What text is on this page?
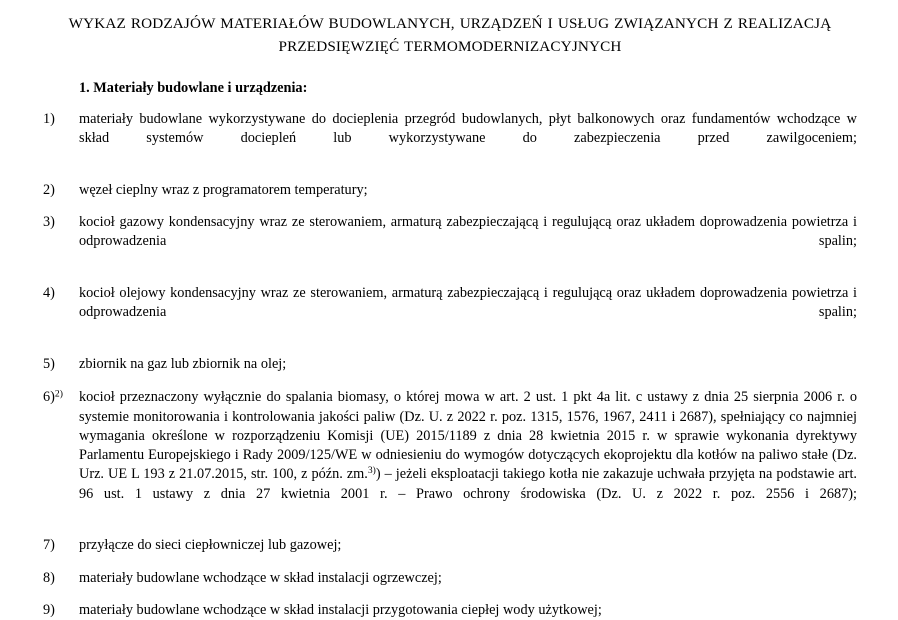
WYKAZ RODZAJÓW MATERIAŁÓW BUDOWLANYCH, URZĄDZEŃ I USŁUG ZWIĄZANYCH Z REALIZACJĄ
PRZEDSIĘWZIĘĆ TERMOMODERNIZACYJNYCH
1. Materiały budowlane i urządzenia:
1)	materiały budowlane wykorzystywane do docieplenia przegród budowlanych, płyt balkonowych oraz fundamentów wchodzące w skład systemów dociepleń lub wykorzystywane do zabezpieczenia przed zawilgoceniem;
2)	węzeł cieplny wraz z programatorem temperatury;
3)	kocioł gazowy kondensacyjny wraz ze sterowaniem, armaturą zabezpieczającą i regulującą oraz układem doprowadzenia powietrza i odprowadzenia spalin;
4)	kocioł olejowy kondensacyjny wraz ze sterowaniem, armaturą zabezpieczającą i regulującą oraz układem doprowadzenia powietrza i odprowadzenia spalin;
5)	zbiornik na gaz lub zbiornik na olej;
6)$^{2)}$	kocioł przeznaczony wyłącznie do spalania biomasy, o której mowa w art. 2 ust. 1 pkt 4a lit. c ustawy z dnia 25 sierpnia 2006 r. o systemie monitorowania i kontrolowania jakości paliw (Dz. U. z 2022 r. poz. 1315, 1576, 1967, 2411 i 2687), spełniający co najmniej wymagania określone w rozporządzeniu Komisji (UE) 2015/1189 z dnia 28 kwietnia 2015 r. w sprawie wykonania dyrektywy Parlamentu Europejskiego i Rady 2009/125/WE w odniesieniu do wymogów dotyczących ekoprojektu dla kotłów na paliwo stałe (Dz. Urz. UE L 193 z 21.07.2015, str. 100, z późn. zm.$^{3)}$) – jeżeli eksploatacji takiego kotła nie zakazuje uchwała przyjęta na podstawie art. 96 ust. 1 ustawy z dnia 27 kwietnia 2001 r. – Prawo ochrony środowiska (Dz. U. z 2022 r. poz. 2556 i 2687);
7)	przyłącze do sieci ciepłowniczej lub gazowej;
8)	materiały budowlane wchodzące w skład instalacji ogrzewczej;
9)	materiały budowlane wchodzące w skład instalacji przygotowania ciepłej wody użytkowej;
